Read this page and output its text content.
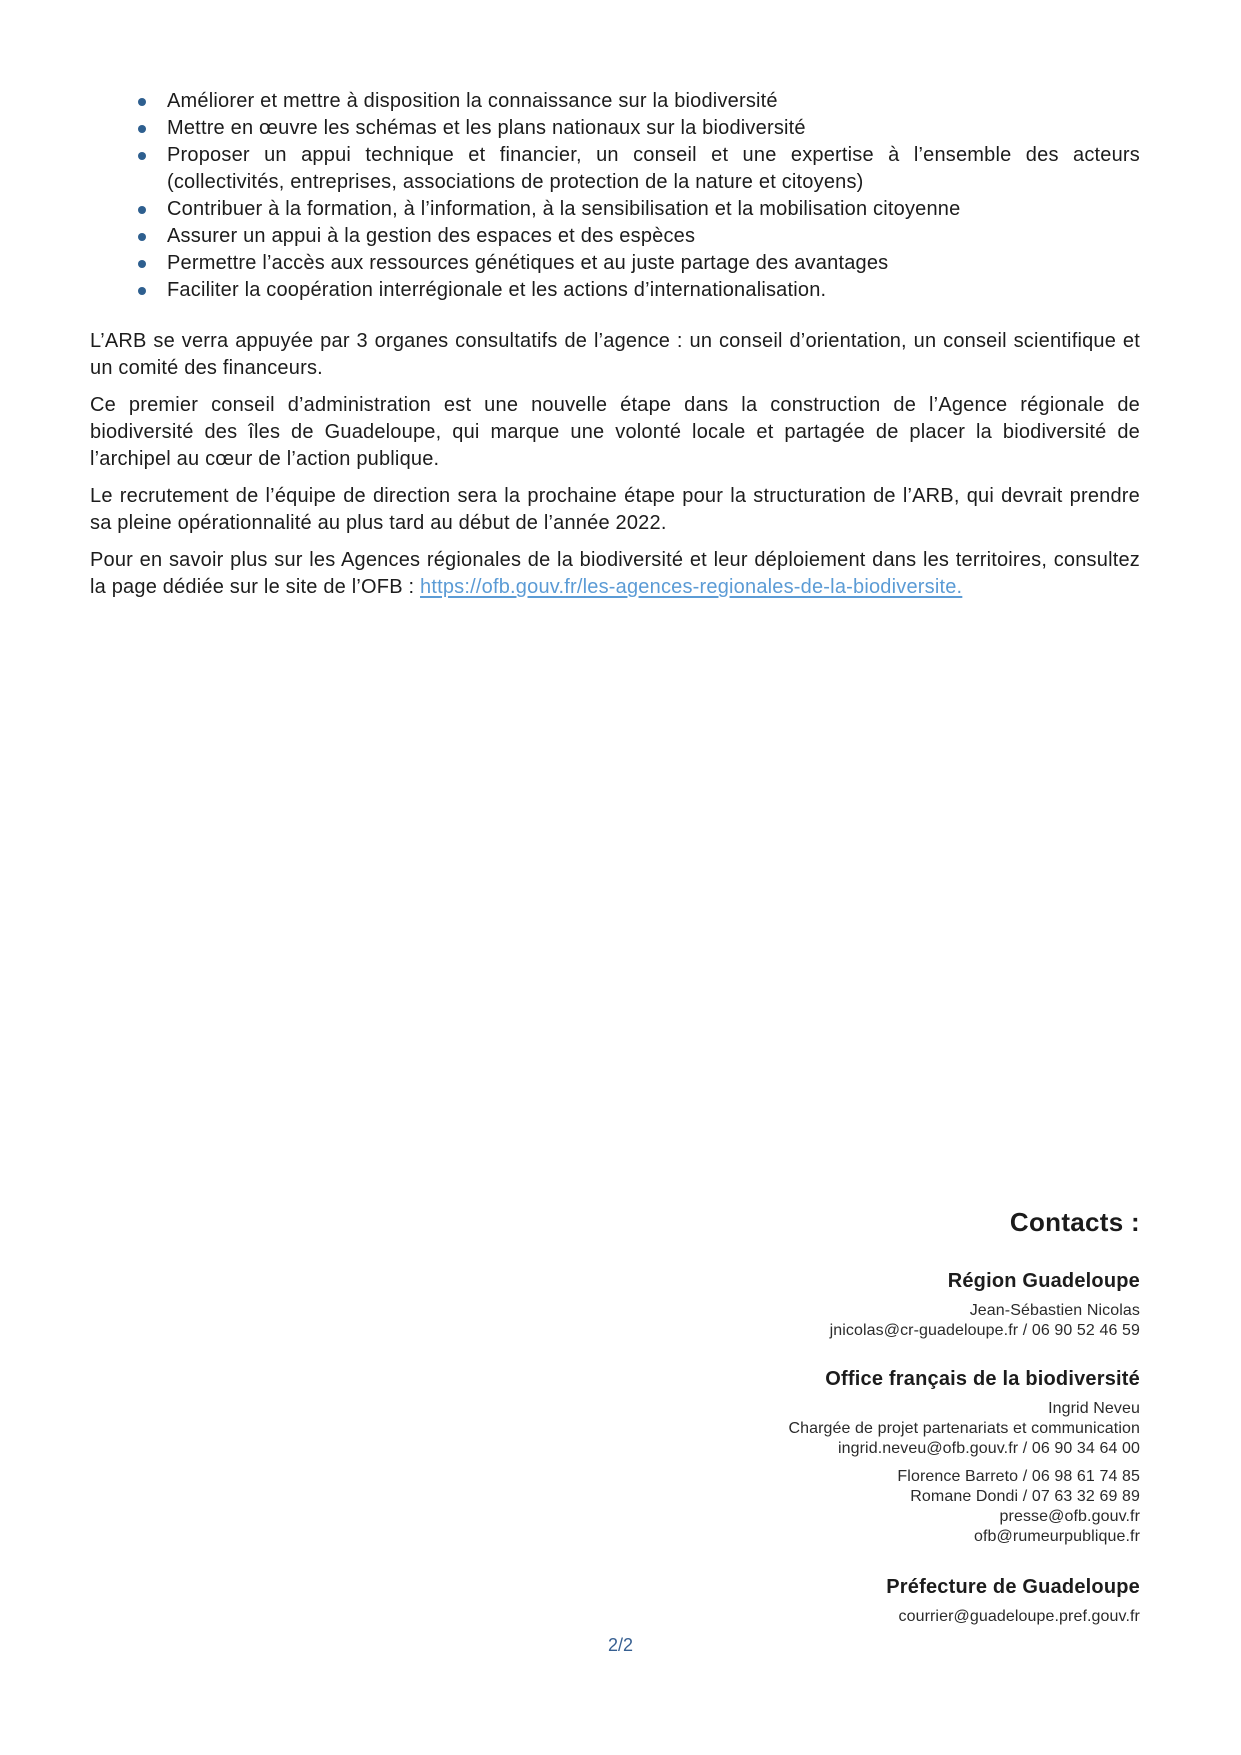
Améliorer et mettre à disposition la connaissance sur la biodiversité
Mettre en œuvre les schémas et les plans nationaux sur la biodiversité
Proposer un appui technique et financier, un conseil et une expertise à l’ensemble des acteurs (collectivités, entreprises, associations de protection de la nature et citoyens)
Contribuer à la formation, à l’information, à la sensibilisation et la mobilisation citoyenne
Assurer un appui à la gestion des espaces et des espèces
Permettre l’accès aux ressources génétiques et au juste partage des avantages
Faciliter la coopération interrégionale et les actions d’internationalisation.

L’ARB se verra appuyée par 3 organes consultatifs de l’agence : un conseil d’orientation, un conseil scientifique et un comité des financeurs.

Ce premier conseil d’administration est une nouvelle étape dans la construction de l’Agence régionale de biodiversité des îles de Guadeloupe, qui marque une volonté locale et partagée de placer la biodiversité de l’archipel au cœur de l’action publique.

Le recrutement de l’équipe de direction sera la prochaine étape pour la structuration de l’ARB, qui devrait prendre sa pleine opérationnalité au plus tard au début de l’année 2022.

Pour en savoir plus sur les Agences régionales de la biodiversité et leur déploiement dans les territoires, consultez la page dédiée sur le site de l’OFB : https://ofb.gouv.fr/les-agences-regionales-de-la-biodiversite.

Contacts :
Région Guadeloupe
Jean-Sébastien Nicolas
jnicolas@cr-guadeloupe.fr / 06 90 52 46 59
Office français de la biodiversité
Ingrid Neveu
Chargée de projet partenariats et communication
ingrid.neveu@ofb.gouv.fr / 06 90 34 64 00
Florence Barreto / 06 98 61 74 85
Romane Dondi / 07 63 32 69 89
presse@ofb.gouv.fr
ofb@rumeurpublique.fr
Préfecture de Guadeloupe
courrier@guadeloupe.pref.gouv.fr
2/2
